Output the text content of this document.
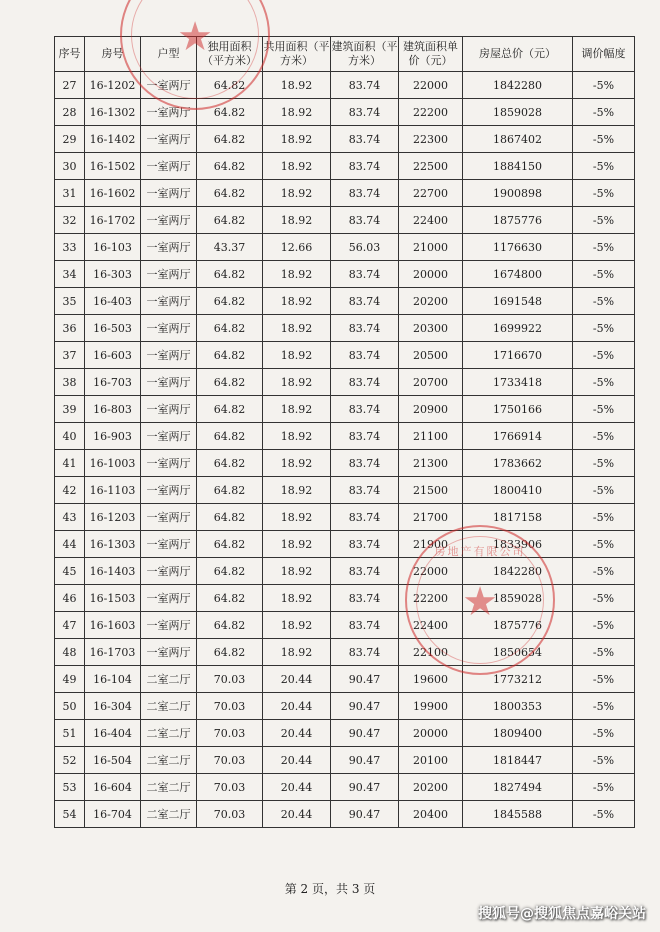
序号	房号	户型	独用面积（平方米）	共用面积（平方米）	建筑面积（平方米）	建筑面积单价（元）	房屋总价（元）	调价幅度
27	16-1202	一室两厅	64.82	18.92	83.74	22000	1842280	-5%
28	16-1302	一室两厅	64.82	18.92	83.74	22200	1859028	-5%
29	16-1402	一室两厅	64.82	18.92	83.74	22300	1867402	-5%
30	16-1502	一室两厅	64.82	18.92	83.74	22500	1884150	-5%
31	16-1602	一室两厅	64.82	18.92	83.74	22700	1900898	-5%
32	16-1702	一室两厅	64.82	18.92	83.74	22400	1875776	-5%
33	16-103	一室两厅	43.37	12.66	56.03	21000	1176630	-5%
34	16-303	一室两厅	64.82	18.92	83.74	20000	1674800	-5%
35	16-403	一室两厅	64.82	18.92	83.74	20200	1691548	-5%
36	16-503	一室两厅	64.82	18.92	83.74	20300	1699922	-5%
37	16-603	一室两厅	64.82	18.92	83.74	20500	1716670	-5%
38	16-703	一室两厅	64.82	18.92	83.74	20700	1733418	-5%
39	16-803	一室两厅	64.82	18.92	83.74	20900	1750166	-5%
40	16-903	一室两厅	64.82	18.92	83.74	21100	1766914	-5%
41	16-1003	一室两厅	64.82	18.92	83.74	21300	1783662	-5%
42	16-1103	一室两厅	64.82	18.92	83.74	21500	1800410	-5%
43	16-1203	一室两厅	64.82	18.92	83.74	21700	1817158	-5%
44	16-1303	一室两厅	64.82	18.92	83.74	21900	1833906	-5%
45	16-1403	一室两厅	64.82	18.92	83.74	22000	1842280	-5%
46	16-1503	一室两厅	64.82	18.92	83.74	22200	1859028	-5%
47	16-1603	一室两厅	64.82	18.92	83.74	22400	1875776	-5%
48	16-1703	一室两厅	64.82	18.92	83.74	22100	1850654	-5%
49	16-104	二室二厅	70.03	20.44	90.47	19600	1773212	-5%
50	16-304	二室二厅	70.03	20.44	90.47	19900	1800353	-5%
51	16-404	二室二厅	70.03	20.44	90.47	20000	1809400	-5%
52	16-504	二室二厅	70.03	20.44	90.47	20100	1818447	-5%
53	16-604	二室二厅	70.03	20.44	90.47	20200	1827494	-5%
54	16-704	二室二厅	70.03	20.44	90.47	20400	1845588	-5%
★
房地产有限公司
★
第 2 页，共 3 页
搜狐号@搜狐焦点嘉峪关站
